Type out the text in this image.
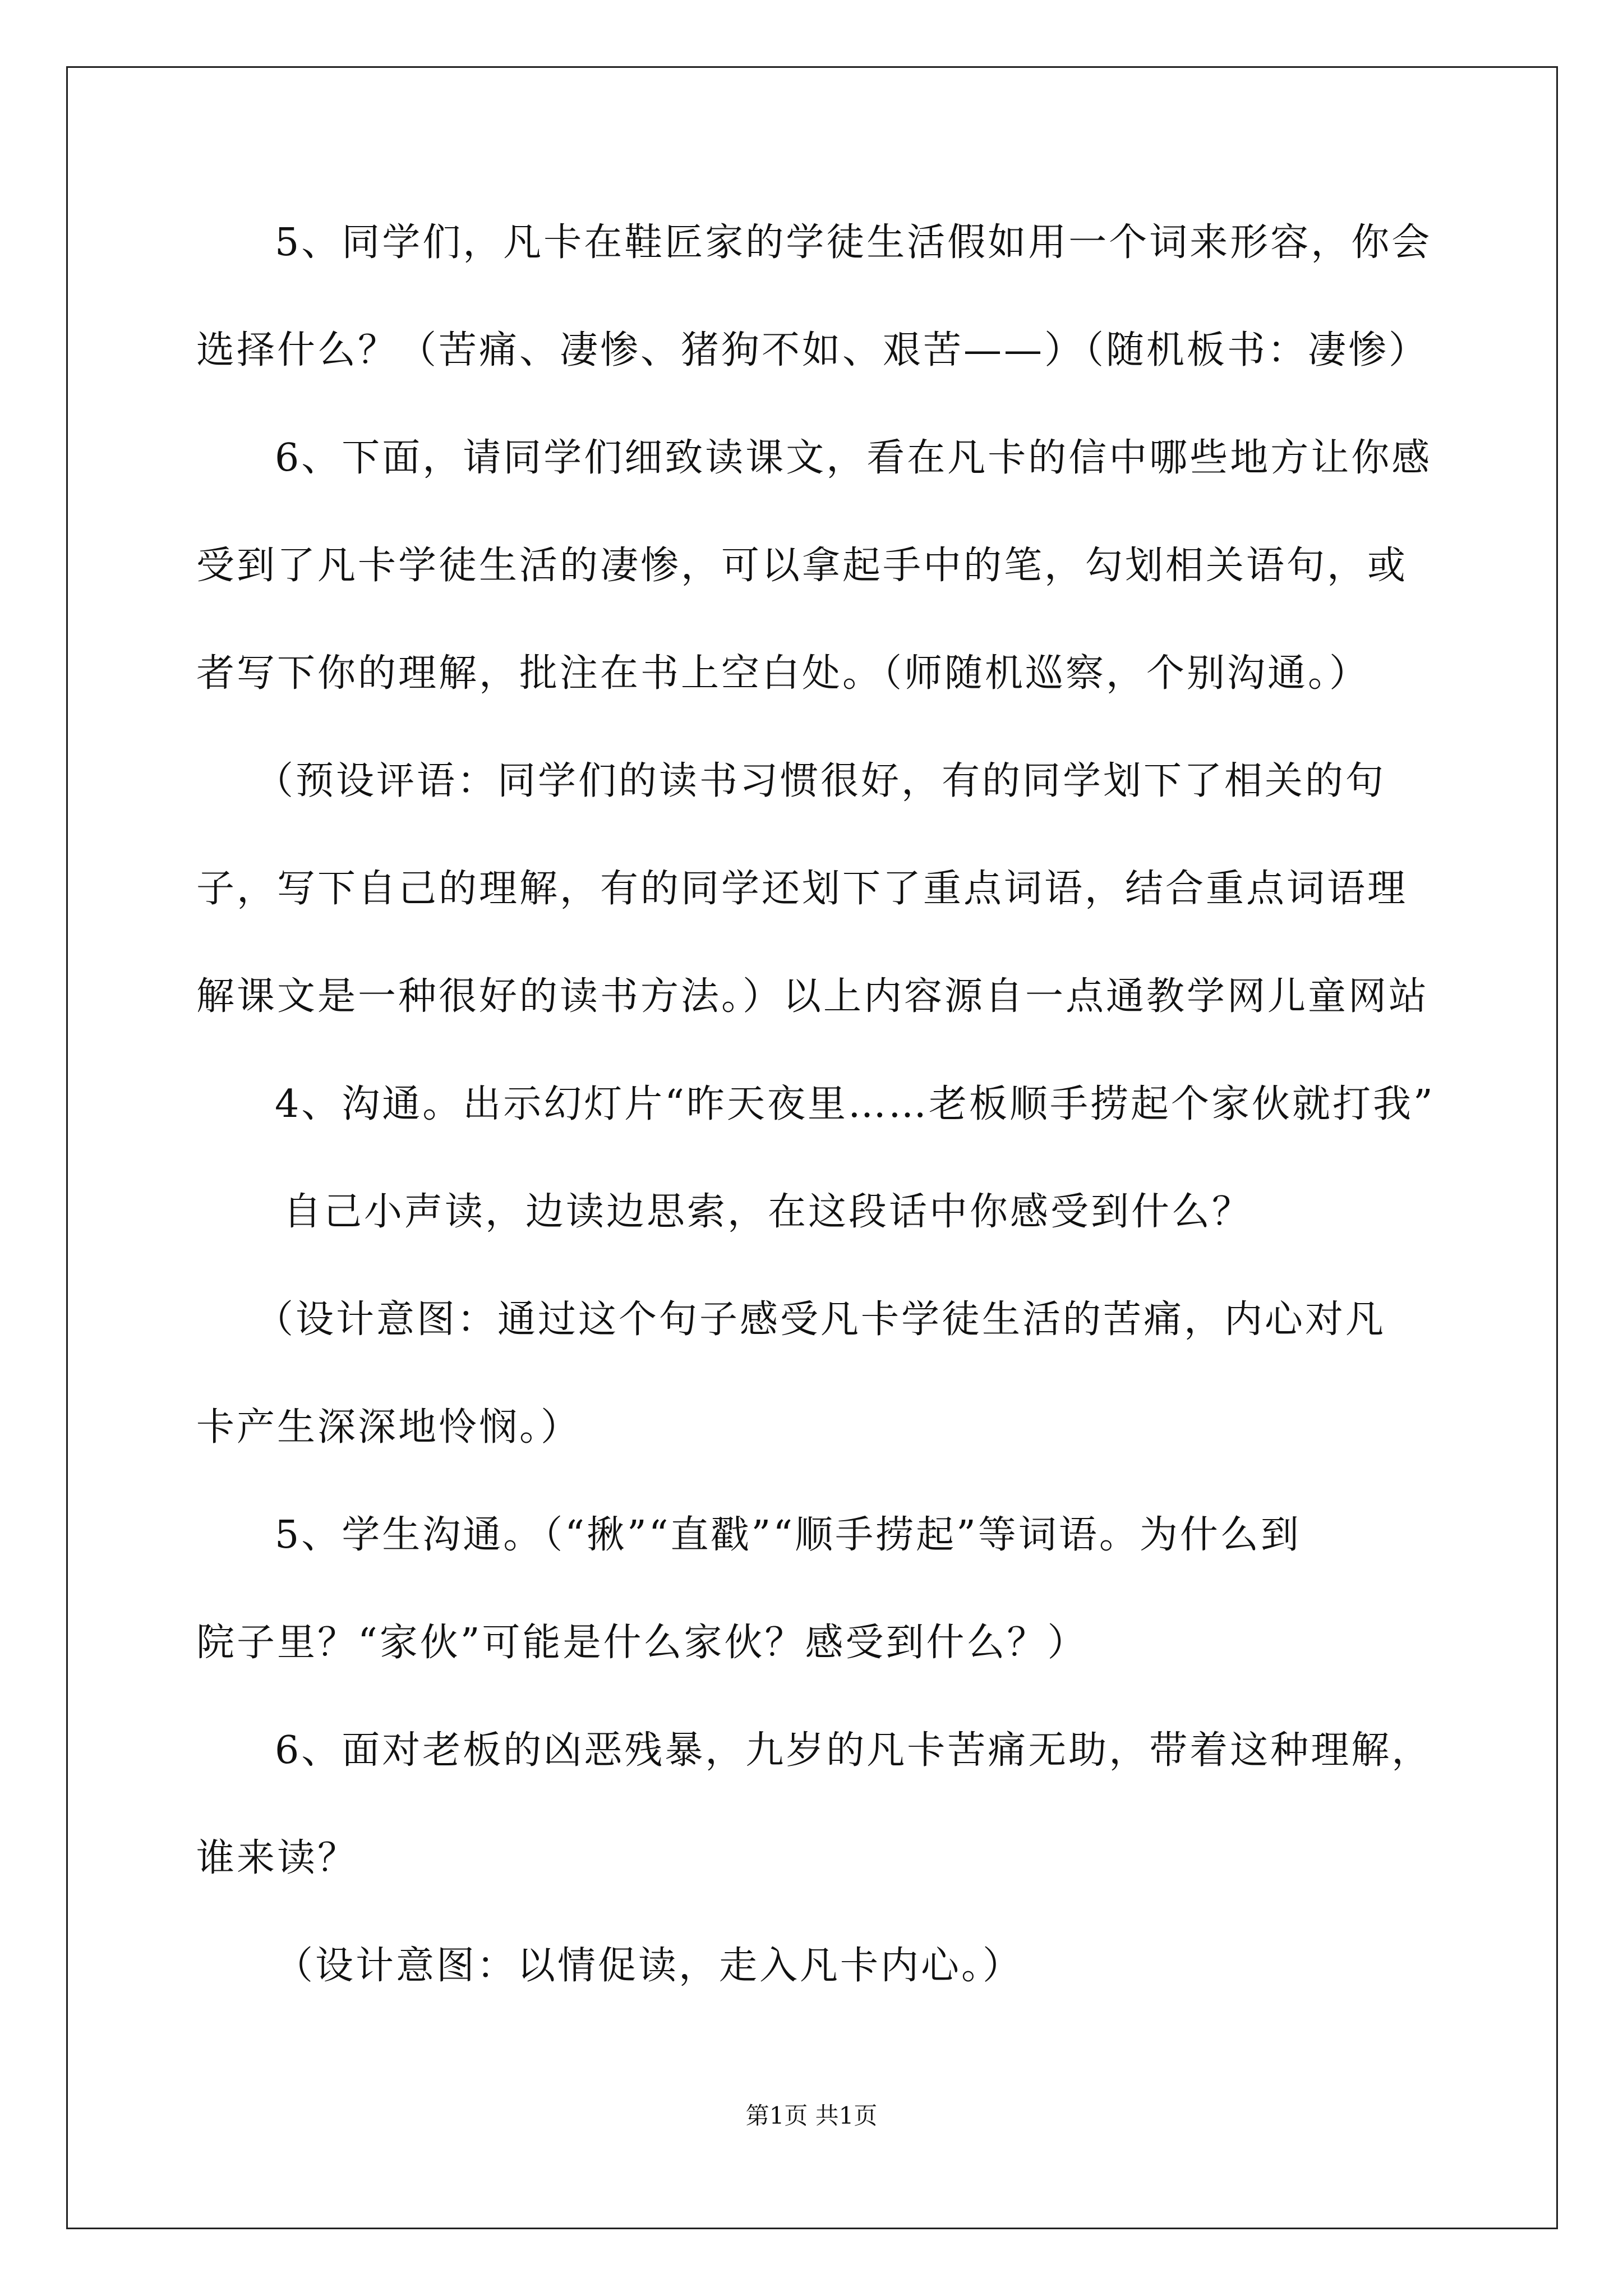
5、同学们，凡卡在鞋匠家的学徒生活假如用一个词来形容，你会
选择什么？（苦痛、凄惨、猪狗不如、艰苦——）（随机板书：凄惨）
6、下面，请同学们细致读课文，看在凡卡的信中哪些地方让你感
受到了凡卡学徒生活的凄惨，可以拿起手中的笔，勾划相关语句，或
者写下你的理解，批注在书上空白处。（师随机巡察，个别沟通。）
（预设评语：同学们的读书习惯很好，有的同学划下了相关的句
子，写下自己的理解，有的同学还划下了重点词语，结合重点词语理
解课文是一种很好的读书方法。）以上内容源自一点通教学网儿童网站
4、沟通。出示幻灯片“昨天夜里……老板顺手捞起个家伙就打我”
自己小声读，边读边思索，在这段话中你感受到什么？
（设计意图：通过这个句子感受凡卡学徒生活的苦痛，内心对凡
卡产生深深地怜悯。）
5、学生沟通。（“揪”“直戳”“顺手捞起”等词语。为什么到
院子里？“家伙”可能是什么家伙？感受到什么？）
6、面对老板的凶恶残暴，九岁的凡卡苦痛无助，带着这种理解，
谁来读？
（设计意图：以情促读，走入凡卡内心。）
第1页 共1页
